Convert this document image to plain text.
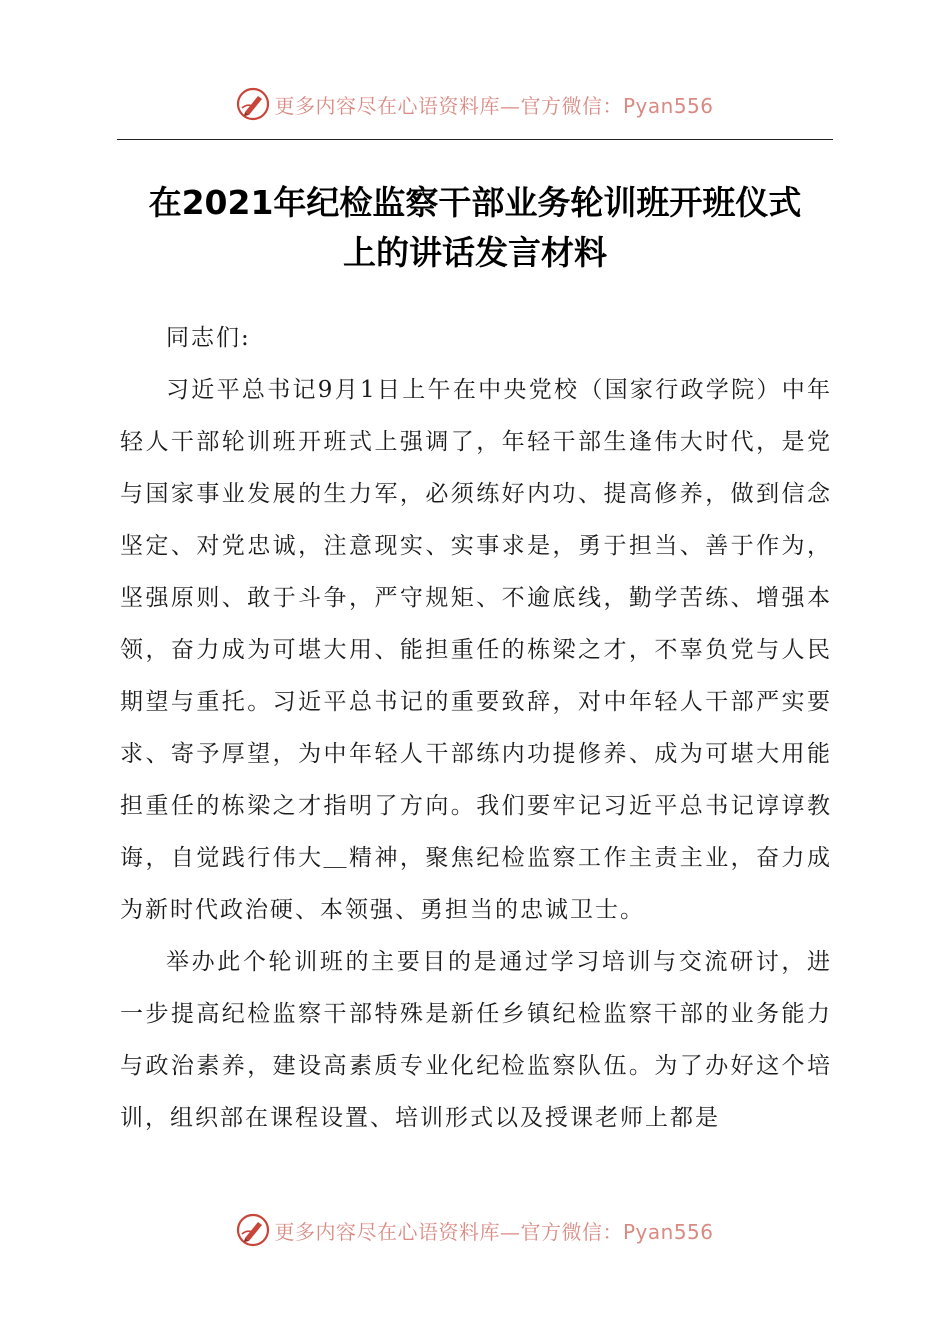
更多内容尽在心语资料库—官方微信：Pyan556
在2021年纪检监察干部业务轮训班开班仪式
上的讲话发言材料

同志们:

习近平总书记9月1日上午在中央党校（国家行政学院）中年轻人干部轮训班开班式上强调了，年轻干部生逢伟大时代，是党与国家事业发展的生力军，必须练好内功、提高修养，做到信念坚定、对党忠诚，注意现实、实事求是，勇于担当、善于作为，坚强原则、敢于斗争，严守规矩、不逾底线，勤学苦练、增强本领，奋力成为可堪大用、能担重任的栋梁之才，不辜负党与人民期望与重托。习近平总书记的重要致辞，对中年轻人干部严实要求、寄予厚望，为中年轻人干部练内功提修养、成为可堪大用能担重任的栋梁之才指明了方向。我们要牢记习近平总书记谆谆教诲，自觉践行伟大＿精神，聚焦纪检监察工作主责主业，奋力成为新时代政治硬、本领强、勇担当的忠诚卫士。

举办此个轮训班的主要目的是通过学习培训与交流研讨，进一步提高纪检监察干部特殊是新任乡镇纪检监察干部的业务能力与政治素养，建设高素质专业化纪检监察队伍。为了办好这个培训，组织部在课程设置、培训形式以及授课老师上都是

更多内容尽在心语资料库—官方微信：Pyan556
